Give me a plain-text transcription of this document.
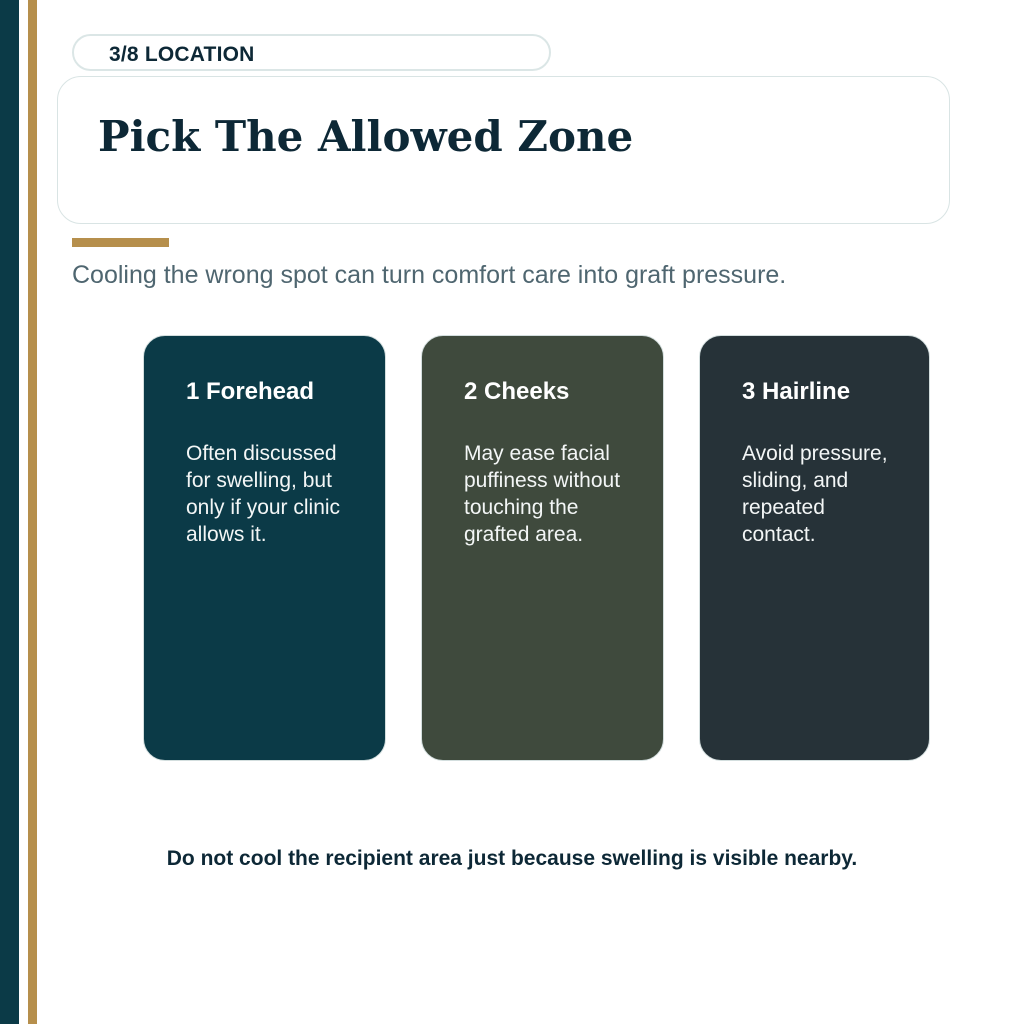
3/8 LOCATION
Pick The Allowed Zone

Cooling the wrong spot can turn comfort care into graft pressure.

1 Forehead

Often discussed for swelling, but only if your clinic allows it.

2 Cheeks

May ease facial puffiness without touching the grafted area.

3 Hairline

Avoid pressure, sliding, and repeated contact.

Do not cool the recipient area just because swelling is visible nearby.
